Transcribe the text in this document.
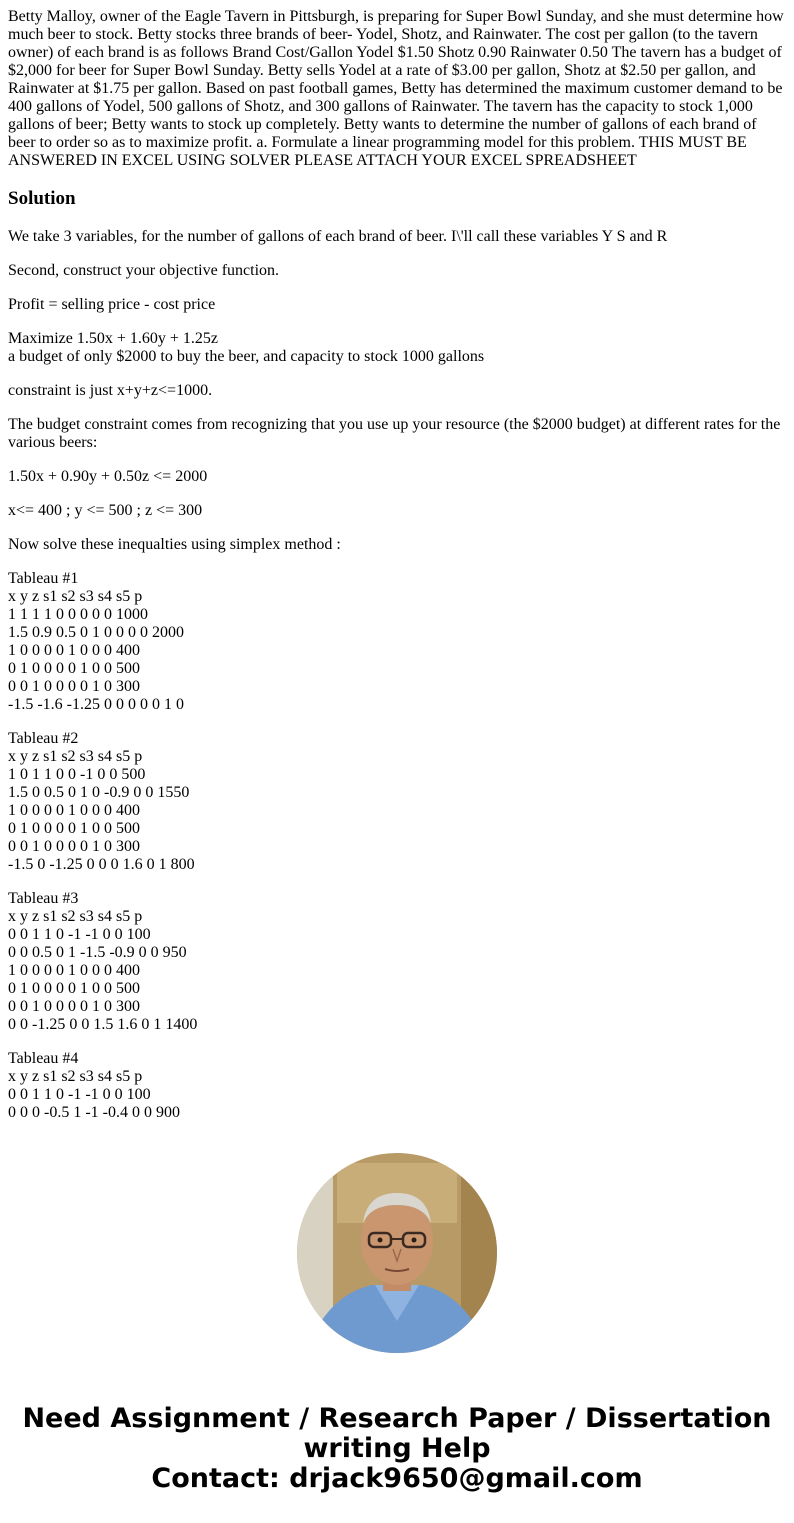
Betty Malloy, owner of the Eagle Tavern in Pittsburgh, is preparing for Super Bowl Sunday, and she must determine how much beer to stock. Betty stocks three brands of beer- Yodel, Shotz, and Rainwater. The cost per gallon (to the tavern owner) of each brand is as follows Brand Cost/Gallon Yodel $1.50 Shotz 0.90 Rainwater 0.50 The tavern has a budget of $2,000 for beer for Super Bowl Sunday. Betty sells Yodel at a rate of $3.00 per gallon, Shotz at $2.50 per gallon, and Rainwater at $1.75 per gallon. Based on past football games, Betty has determined the maximum customer demand to be 400 gallons of Yodel, 500 gallons of Shotz, and 300 gallons of Rainwater. The tavern has the capacity to stock 1,000 gallons of beer; Betty wants to stock up completely. Betty wants to determine the number of gallons of each brand of beer to order so as to maximize profit. a. Formulate a linear programming model for this problem. THIS MUST BE ANSWERED IN EXCEL USING SOLVER PLEASE ATTACH YOUR EXCEL SPREADSHEET
Solution

We take 3 variables, for the number of gallons of each brand of beer. I\'ll call these variables Y S and R

Second, construct your objective function.

Profit = selling price - cost price

Maximize 1.50x + 1.60y + 1.25z
a budget of only $2000 to buy the beer, and capacity to stock 1000 gallons

constraint is just x+y+z<=1000.

The budget constraint comes from recognizing that you use up your resource (the $2000 budget) at different rates for the various beers:

1.50x + 0.90y + 0.50z <= 2000

x<= 400 ; y <= 500 ; z <= 300

Now solve these inequalties using simplex method :

Tableau #1
x y z s1 s2 s3 s4 s5 p
1 1 1 1 0 0 0 0 0 1000
1.5 0.9 0.5 0 1 0 0 0 0 2000
1 0 0 0 0 1 0 0 0 400
0 1 0 0 0 0 1 0 0 500
0 0 1 0 0 0 0 1 0 300
-1.5 -1.6 -1.25 0 0 0 0 0 1 0
Tableau #2
x y z s1 s2 s3 s4 s5 p
1 0 1 1 0 0 -1 0 0 500
1.5 0 0.5 0 1 0 -0.9 0 0 1550
1 0 0 0 0 1 0 0 0 400
0 1 0 0 0 0 1 0 0 500
0 0 1 0 0 0 0 1 0 300
-1.5 0 -1.25 0 0 0 1.6 0 1 800
Tableau #3
x y z s1 s2 s3 s4 s5 p
0 0 1 1 0 -1 -1 0 0 100
0 0 0.5 0 1 -1.5 -0.9 0 0 950
1 0 0 0 0 1 0 0 0 400
0 1 0 0 0 0 1 0 0 500
0 0 1 0 0 0 0 1 0 300
0 0 -1.25 0 0 1.5 1.6 0 1 1400
Tableau #4
x y z s1 s2 s3 s4 s5 p
0 0 1 1 0 -1 -1 0 0 100
0 0 0 -0.5 1 -1 -0.4 0 0 900
Need Assignment / Research Paper / Dissertation
writing Help
Contact: drjack9650@gmail.com
